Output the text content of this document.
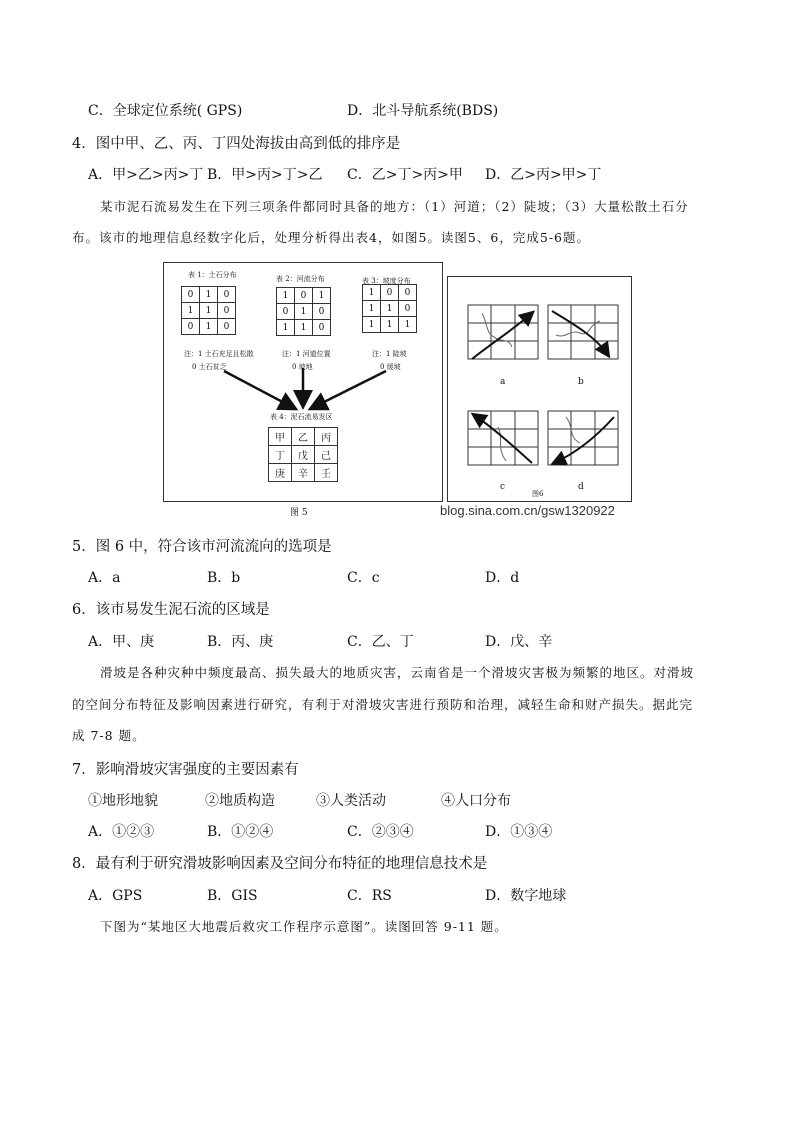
C．全球定位系统( GPS)	D．北斗导航系统(BDS)
4．图中甲、乙、丙、丁四处海拔由高到低的排序是
A．甲>乙>丙>丁 B．甲>丙>丁>乙 C．乙>丁>丙>甲 D．乙>丙>甲>丁
某市泥石流易发生在下列三项条件都同时具备的地方：（1）河道；（2）陡坡；（3）大量松散土石分
布。该市的地理信息经数字化后，处理分析得出表4，如图5。读图5、6，完成5-6题。
表 1：土石分布
0	1	0
1	1	0
0	1	0
注：1 土石充足且松散
0 土石贫乏
表 2：河流分布
1	0	1
0	1	0
1	1	0
注：1 河道位置
0 坡地
表 3：坡度分布
1	0	0
1	1	0
1	1	1
注：1 陡坡
0 缓坡
表 4：泥石流易发区
甲	乙	丙
丁	戊	己
庚	辛	壬
图 5
a	b
c	d
图6
blog.sina.com.cn/gsw1320922
5．图 6 中，符合该市河流流向的选项是
A．a	B．b	C．c	D．d
6．该市易发生泥石流的区域是
A．甲、庚	B．丙、庚	C．乙、丁	D．戊、辛
滑坡是各种灾种中频度最高、损失最大的地质灾害，云南省是一个滑坡灾害极为频繁的地区。对滑坡
的空间分布特征及影响因素进行研究，有利于对滑坡灾害进行预防和治理，减轻生命和财产损失。据此完
成 7-8 题。
7．影响滑坡灾害强度的主要因素有
①地形地貌	②地质构造	③人类活动	④人口分布
A．①②③	B．①②④	C．②③④	D．①③④
8．最有利于研究滑坡影响因素及空间分布特征的地理信息技术是
A．GPS	B．GIS	C．RS	D．数字地球
下图为“某地区大地震后救灾工作程序示意图”。读图回答 9-11 题。
